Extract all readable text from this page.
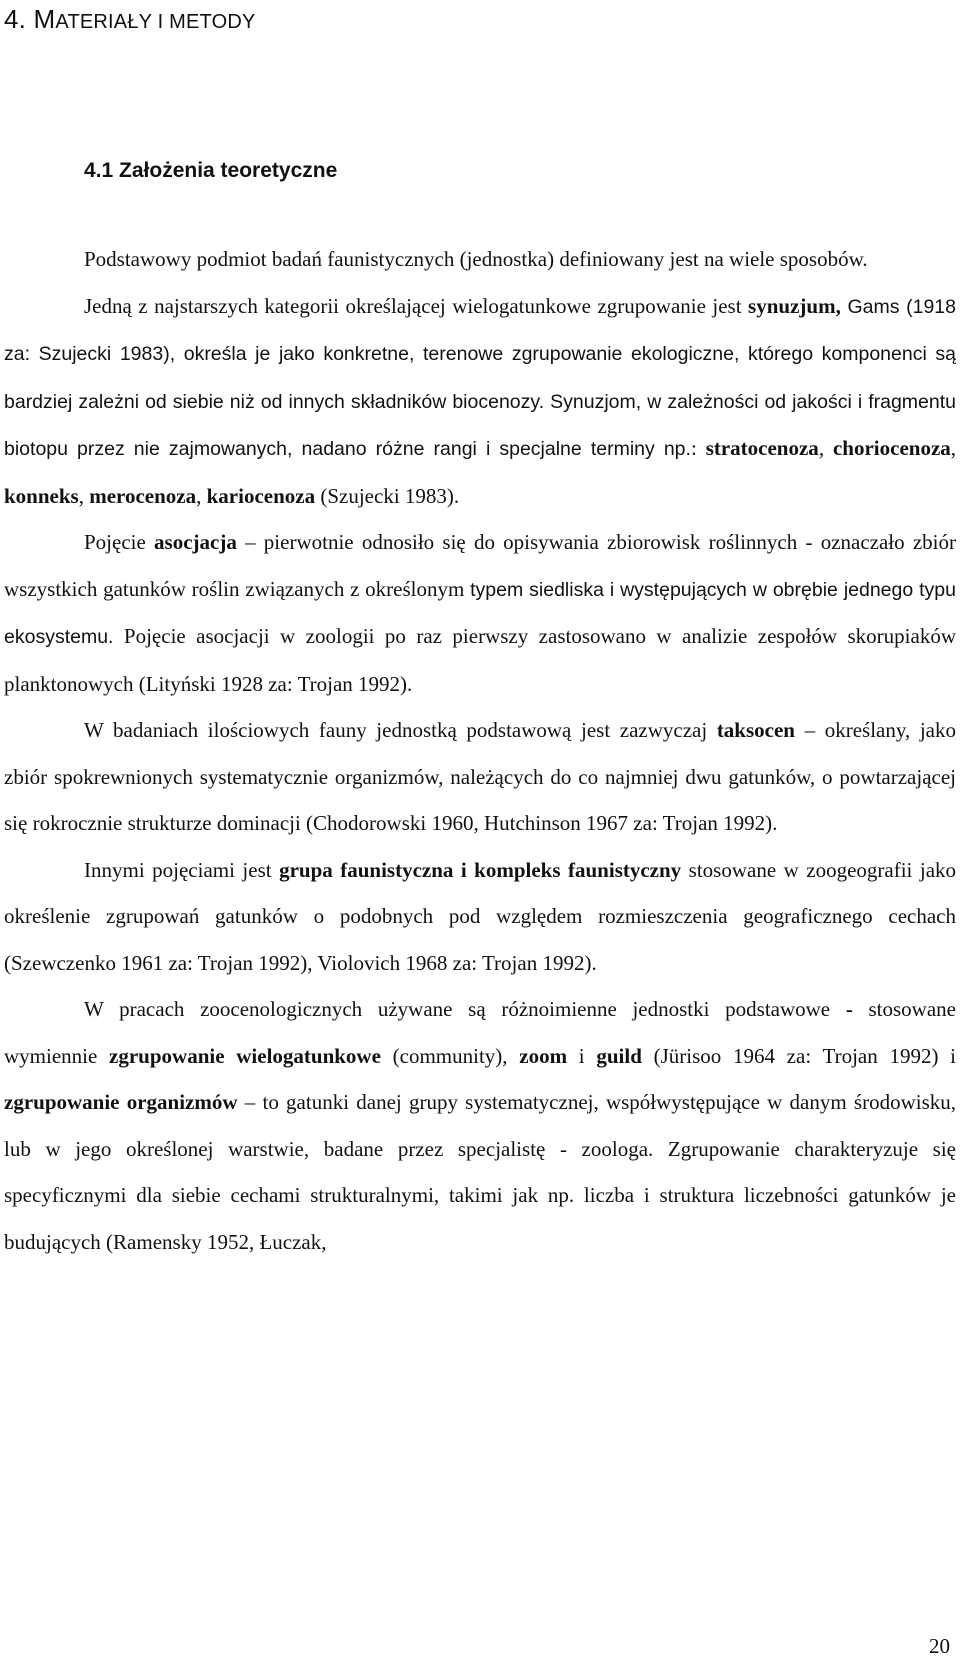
4. MATERIAŁY I METODY
4.1 Założenia teoretyczne

Podstawowy podmiot badań faunistycznych (jednostka) definiowany jest na wiele sposobów.

Jedną z najstarszych kategorii określającej wielogatunkowe zgrupowanie jest synuzjum, Gams (1918 za: Szujecki 1983), określa je jako konkretne, terenowe zgrupowanie ekologiczne, którego komponenci są bardziej zależni od siebie niż od innych składników biocenozy. Synuzjom, w zależności od jakości i fragmentu biotopu przez nie zajmowanych, nadano różne rangi i specjalne terminy np.: stratocenoza, choriocenoza, konneks, merocenoza, kariocenoza (Szujecki 1983).

Pojęcie asocjacja – pierwotnie odnosiło się do opisywania zbiorowisk roślinnych - oznaczało zbiór wszystkich gatunków roślin związanych z określonym typem siedliska i występujących w obrębie jednego typu ekosystemu. Pojęcie asocjacji w zoologii po raz pierwszy zastosowano w analizie zespołów skorupiaków planktonowych (Lityński 1928 za: Trojan 1992).

W badaniach ilościowych fauny jednostką podstawową jest zazwyczaj taksocen – określany, jako zbiór spokrewnionych systematycznie organizmów, należących do co najmniej dwu gatunków, o powtarzającej się rokrocznie strukturze dominacji (Chodorowski 1960, Hutchinson 1967 za: Trojan 1992).

Innymi pojęciami jest grupa faunistyczna i kompleks faunistyczny stosowane w zoogeografii jako określenie zgrupowań gatunków o podobnych pod względem rozmieszczenia geograficznego cechach (Szewczenko 1961 za: Trojan 1992), Violovich 1968 za: Trojan 1992).

W pracach zoocenologicznych używane są różnoimienne jednostki podstawowe - stosowane wymiennie zgrupowanie wielogatunkowe (community), zoom i guild (Jürisoo 1964 za: Trojan 1992) i zgrupowanie organizmów – to gatunki danej grupy systematycznej, współwystępujące w danym środowisku, lub w jego określonej warstwie, badane przez specjalistę - zoologa. Zgrupowanie charakteryzuje się specyficznymi dla siebie cechami strukturalnymi, takimi jak np. liczba i struktura liczebności gatunków je budujących (Ramensky 1952, Łuczak,

20
